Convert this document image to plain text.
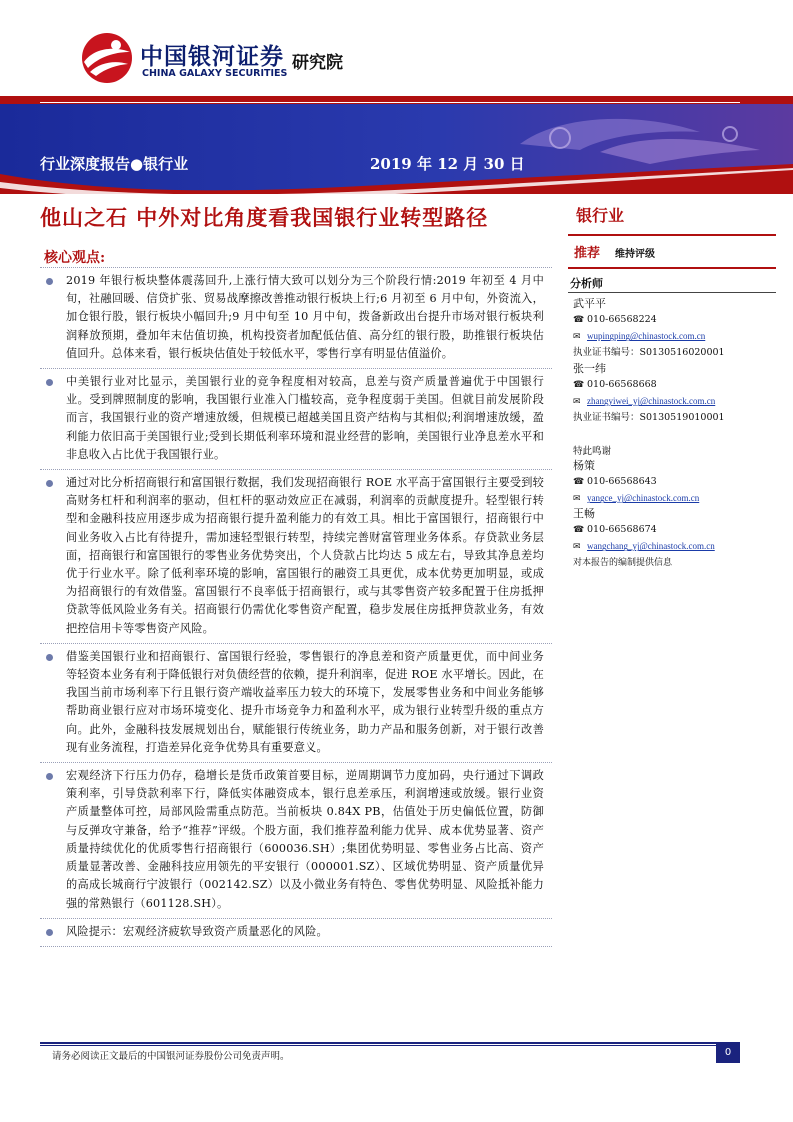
中国银河证券
CHINA GALAXY SECURITIES
研究院
行业深度报告●银行业	2019 年 12 月 30 日
他山之石 中外对比角度看我国银行业转型路径
核心观点:
2019 年银行板块整体震荡回升,上涨行情大致可以划分为三个阶段行情:2019 年初至 4 月中旬，社融回暖、信贷扩张、贸易战摩擦改善推动银行板块上行;6 月初至 6 月中旬，外资流入，加仓银行股，银行板块小幅回升;9 月中旬至 10 月中旬，拨备新政出台提升市场对银行板块利润释放预期，叠加年末估值切换，机构投资者加配低估值、高分红的银行股，助推银行板块估值回升。总体来看，银行板块估值处于较低水平，零售行享有明显估值溢价。
中美银行业对比显示，美国银行业的竞争程度相对较高，息差与资产质量普遍优于中国银行业。受到牌照制度的影响，我国银行业准入门槛较高，竞争程度弱于美国。但就目前发展阶段而言，我国银行业的资产增速放缓，但规模已超越美国且资产结构与其相似;利润增速放缓，盈利能力依旧高于美国银行业;受到长期低利率环境和混业经营的影响，美国银行业净息差水平和非息收入占比优于我国银行业。
通过对比分析招商银行和富国银行数据，我们发现招商银行 ROE 水平高于富国银行主要受到较高财务杠杆和利润率的驱动，但杠杆的驱动效应正在减弱，利润率的贡献度提升。轻型银行转型和金融科技应用逐步成为招商银行提升盈利能力的有效工具。相比于富国银行，招商银行中间业务收入占比有待提升，需加速轻型银行转型，持续完善财富管理业务体系。存贷款业务层面，招商银行和富国银行的零售业务优势突出，个人贷款占比均达 5 成左右，导致其净息差均优于行业水平。除了低利率环境的影响，富国银行的融资工具更优，成本优势更加明显，或成为招商银行的有效借鉴。富国银行不良率低于招商银行，或与其零售资产较多配置于住房抵押贷款等低风险业务有关。招商银行仍需优化零售资产配置，稳步发展住房抵押贷款业务，有效把控信用卡等零售资产风险。
借鉴美国银行业和招商银行、富国银行经验，零售银行的净息差和资产质量更优，而中间业务等轻资本业务有利于降低银行对负债经营的依赖，提升利润率，促进 ROE 水平增长。因此，在我国当前市场利率下行且银行资产端收益率压力较大的环境下，发展零售业务和中间业务能够帮助商业银行应对市场环境变化、提升市场竞争力和盈利水平，成为银行业转型升级的重点方向。此外，金融科技发展规划出台，赋能银行传统业务，助力产品和服务创新，对于银行改善现有业务流程，打造差异化竞争优势具有重要意义。
宏观经济下行压力仍存，稳增长是货币政策首要目标，逆周期调节力度加码，央行通过下调政策利率，引导贷款利率下行，降低实体融资成本，银行息差承压，利润增速或放缓。银行业资产质量整体可控，局部风险需重点防范。当前板块 0.84X PB，估值处于历史偏低位置，防御与反弹攻守兼备，给予“推荐”评级。个股方面，我们推荐盈利能力优异、成本优势显著、资产质量持续优化的优质零售行招商银行（600036.SH）;集团优势明显、零售业务占比高、资产质量显著改善、金融科技应用领先的平安银行（000001.SZ）、区域优势明显、资产质量优异的高成长城商行宁波银行（002142.SZ）以及小微业务有特色、零售优势明显、风险抵补能力强的常熟银行（601128.SH）。
风险提示：宏观经济疲软导致资产质量恶化的风险。
银行业
推荐 维持评级
分析师
武平平
☎ 010-66568224
✉ wupingping@chinastock.com.cn
执业证书编号：S0130516020001
张一纬
☎ 010-66568668
✉ zhangyiwei_yj@chinastock.com.cn
执业证书编号：S0130519010001
特此鸣谢
杨策
☎ 010-66568643
✉ yangce_yj@chinastock.com.cn
王畅
☎ 010-66568674
✉ wangchang_yj@chinastock.com.cn
对本报告的编制提供信息
请务必阅读正文最后的中国银河证券股份公司免责声明。	0
